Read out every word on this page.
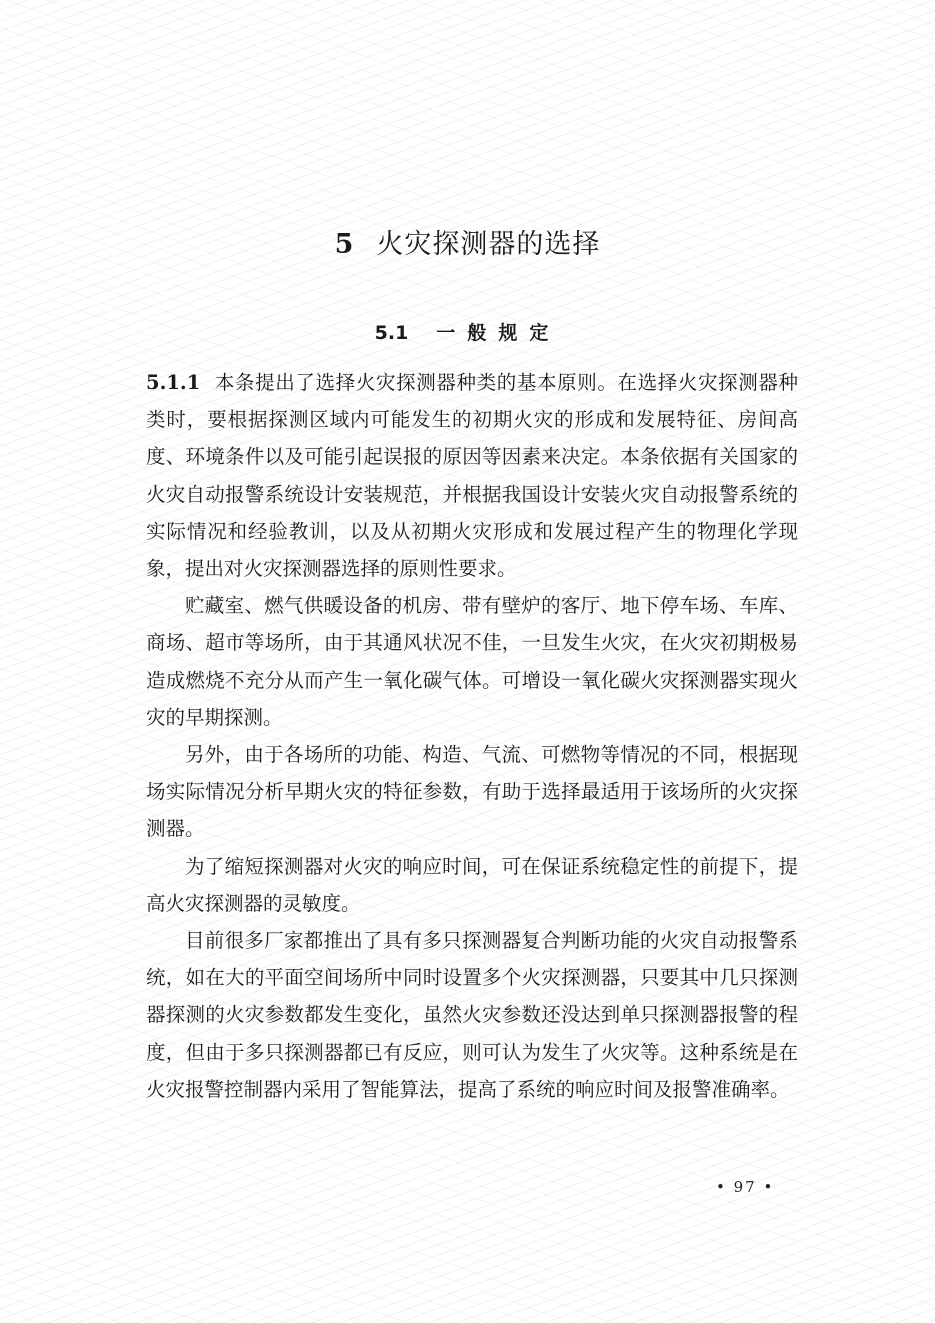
5 火灾探测器的选择
5.1 一般规定

5.1.1 本条提出了选择火灾探测器种类的基本原则。在选择火灾探测器种类时，要根据探测区域内可能发生的初期火灾的形成和发展特征、房间高度、环境条件以及可能引起误报的原因等因素来决定。本条依据有关国家的火灾自动报警系统设计安装规范，并根据我国设计安装火灾自动报警系统的实际情况和经验教训，以及从初期火灾形成和发展过程产生的物理化学现象，提出对火灾探测器选择的原则性要求。

贮藏室、燃气供暖设备的机房、带有壁炉的客厅、地下停车场、车库、商场、超市等场所，由于其通风状况不佳，一旦发生火灾，在火灾初期极易造成燃烧不充分从而产生一氧化碳气体。可增设一氧化碳火灾探测器实现火灾的早期探测。

另外，由于各场所的功能、构造、气流、可燃物等情况的不同，根据现场实际情况分析早期火灾的特征参数，有助于选择最适用于该场所的火灾探测器。

为了缩短探测器对火灾的响应时间，可在保证系统稳定性的前提下，提高火灾探测器的灵敏度。

目前很多厂家都推出了具有多只探测器复合判断功能的火灾自动报警系统，如在大的平面空间场所中同时设置多个火灾探测器，只要其中几只探测器探测的火灾参数都发生变化，虽然火灾参数还没达到单只探测器报警的程度，但由于多只探测器都已有反应，则可认为发生了火灾等。这种系统是在火灾报警控制器内采用了智能算法，提高了系统的响应时间及报警准确率。

• 97 •
